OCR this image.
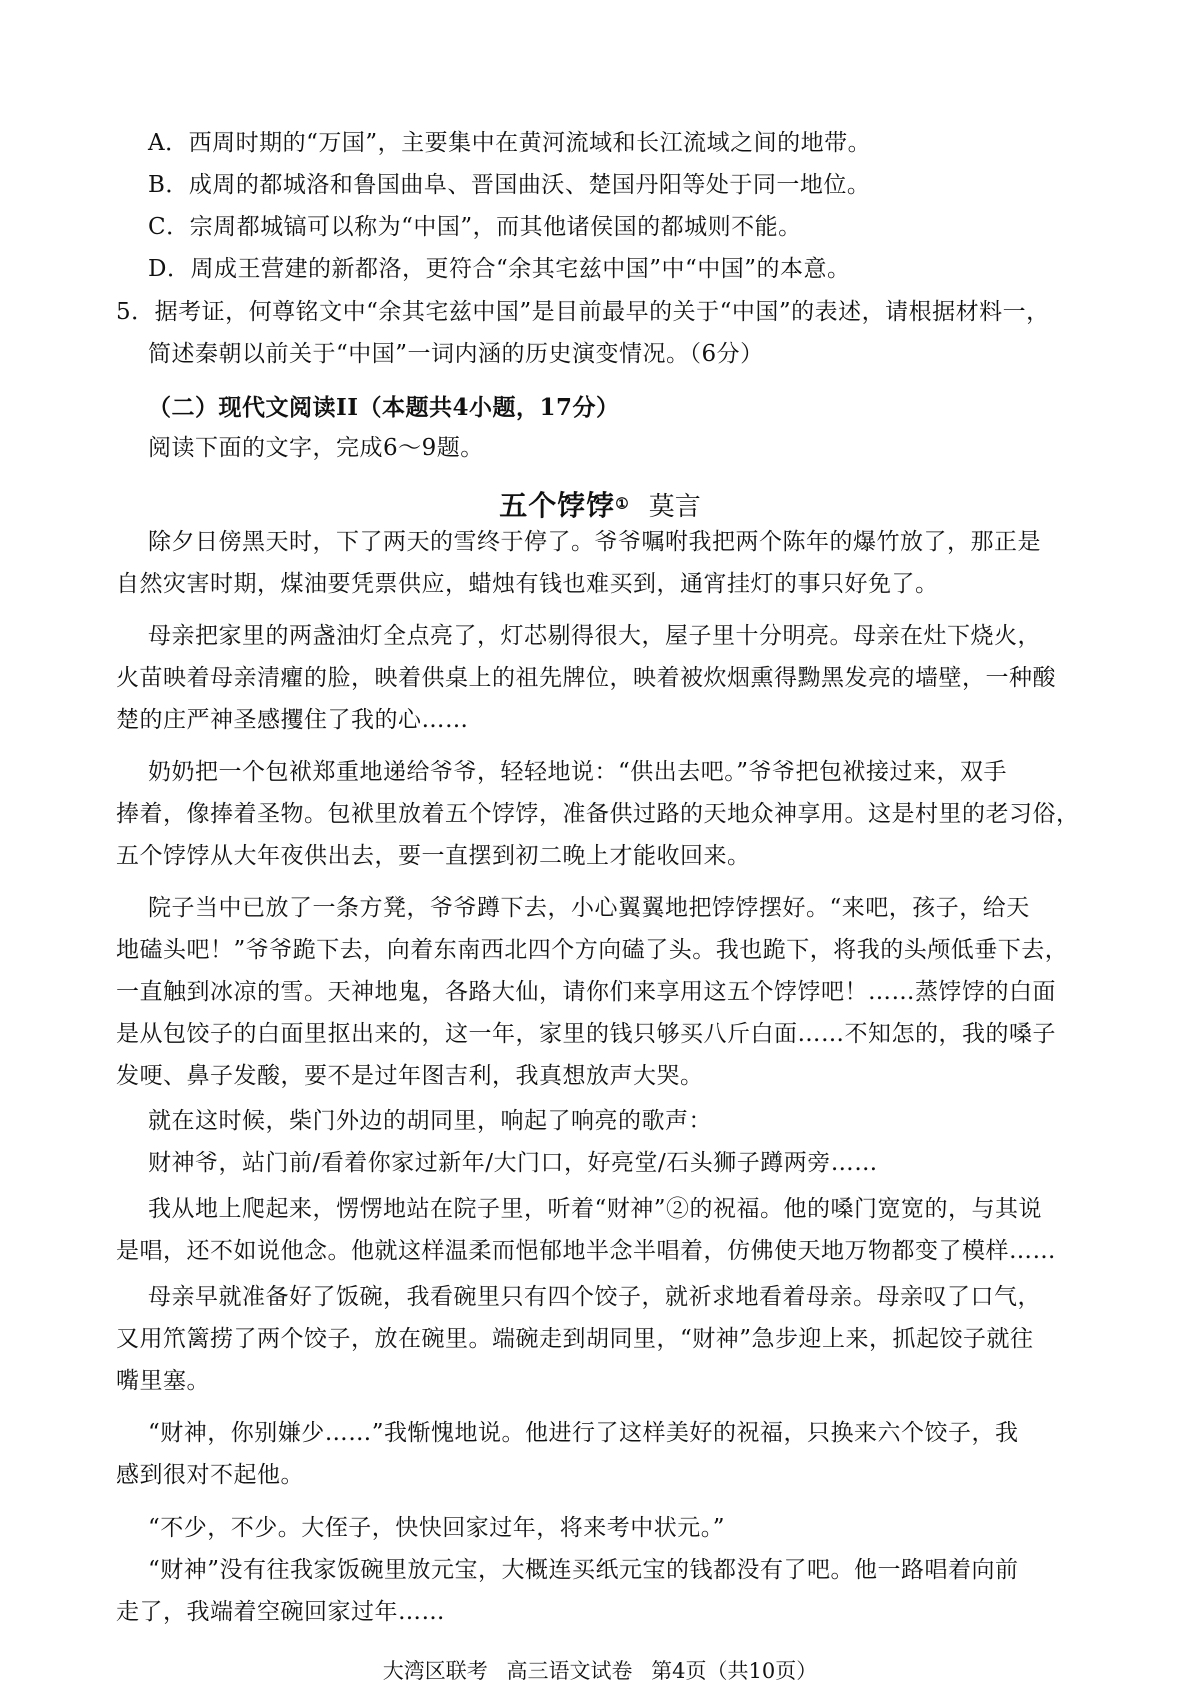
A．西周时期的“万国”，主要集中在黄河流域和长江流域之间的地带。
B．成周的都城洛和鲁国曲阜、晋国曲沃、楚国丹阳等处于同一地位。
C．宗周都城镐可以称为“中国”，而其他诸侯国的都城则不能。
D．周成王营建的新都洛，更符合“余其宅兹中国”中“中国”的本意。
5．据考证，何尊铭文中“余其宅兹中国”是目前最早的关于“中国”的表述，请根据材料一，
简述秦朝以前关于“中国”一词内涵的历史演变情况。（6分）
（二）现代文阅读II（本题共4小题，17分）
阅读下面的文字，完成6～9题。
五个饽饽① 莫言
除夕日傍黑天时，下了两天的雪终于停了。爷爷嘱咐我把两个陈年的爆竹放了，那正是
自然灾害时期，煤油要凭票供应，蜡烛有钱也难买到，通宵挂灯的事只好免了。
母亲把家里的两盏油灯全点亮了，灯芯剔得很大，屋子里十分明亮。母亲在灶下烧火，
火苗映着母亲清癯的脸，映着供桌上的祖先牌位，映着被炊烟熏得黝黑发亮的墙壁，一种酸
楚的庄严神圣感攫住了我的心……
奶奶把一个包袱郑重地递给爷爷，轻轻地说：“供出去吧。”爷爷把包袱接过来，双手
捧着，像捧着圣物。包袱里放着五个饽饽，准备供过路的天地众神享用。这是村里的老习俗，
五个饽饽从大年夜供出去，要一直摆到初二晚上才能收回来。
院子当中已放了一条方凳，爷爷蹲下去，小心翼翼地把饽饽摆好。“来吧，孩子，给天
地磕头吧！”爷爷跪下去，向着东南西北四个方向磕了头。我也跪下，将我的头颅低垂下去，
一直触到冰凉的雪。天神地鬼，各路大仙，请你们来享用这五个饽饽吧！……蒸饽饽的白面
是从包饺子的白面里抠出来的，这一年，家里的钱只够买八斤白面……不知怎的，我的嗓子
发哽、鼻子发酸，要不是过年图吉利，我真想放声大哭。
就在这时候，柴门外边的胡同里，响起了响亮的歌声：
财神爷，站门前/看着你家过新年/大门口，好亮堂/石头狮子蹲两旁……
我从地上爬起来，愣愣地站在院子里，听着“财神”②的祝福。他的嗓门宽宽的，与其说
是唱，还不如说他念。他就这样温柔而悒郁地半念半唱着，仿佛使天地万物都变了模样……
母亲早就准备好了饭碗，我看碗里只有四个饺子，就祈求地看着母亲。母亲叹了口气，
又用笊篱捞了两个饺子，放在碗里。端碗走到胡同里，“财神”急步迎上来，抓起饺子就往
嘴里塞。
“财神，你别嫌少……”我惭愧地说。他进行了这样美好的祝福，只换来六个饺子，我
感到很对不起他。
“不少，不少。大侄子，快快回家过年，将来考中状元。”
“财神”没有往我家饭碗里放元宝，大概连买纸元宝的钱都没有了吧。他一路唱着向前
走了，我端着空碗回家过年……
大湾区联考 高三语文试卷 第4页（共10页）
